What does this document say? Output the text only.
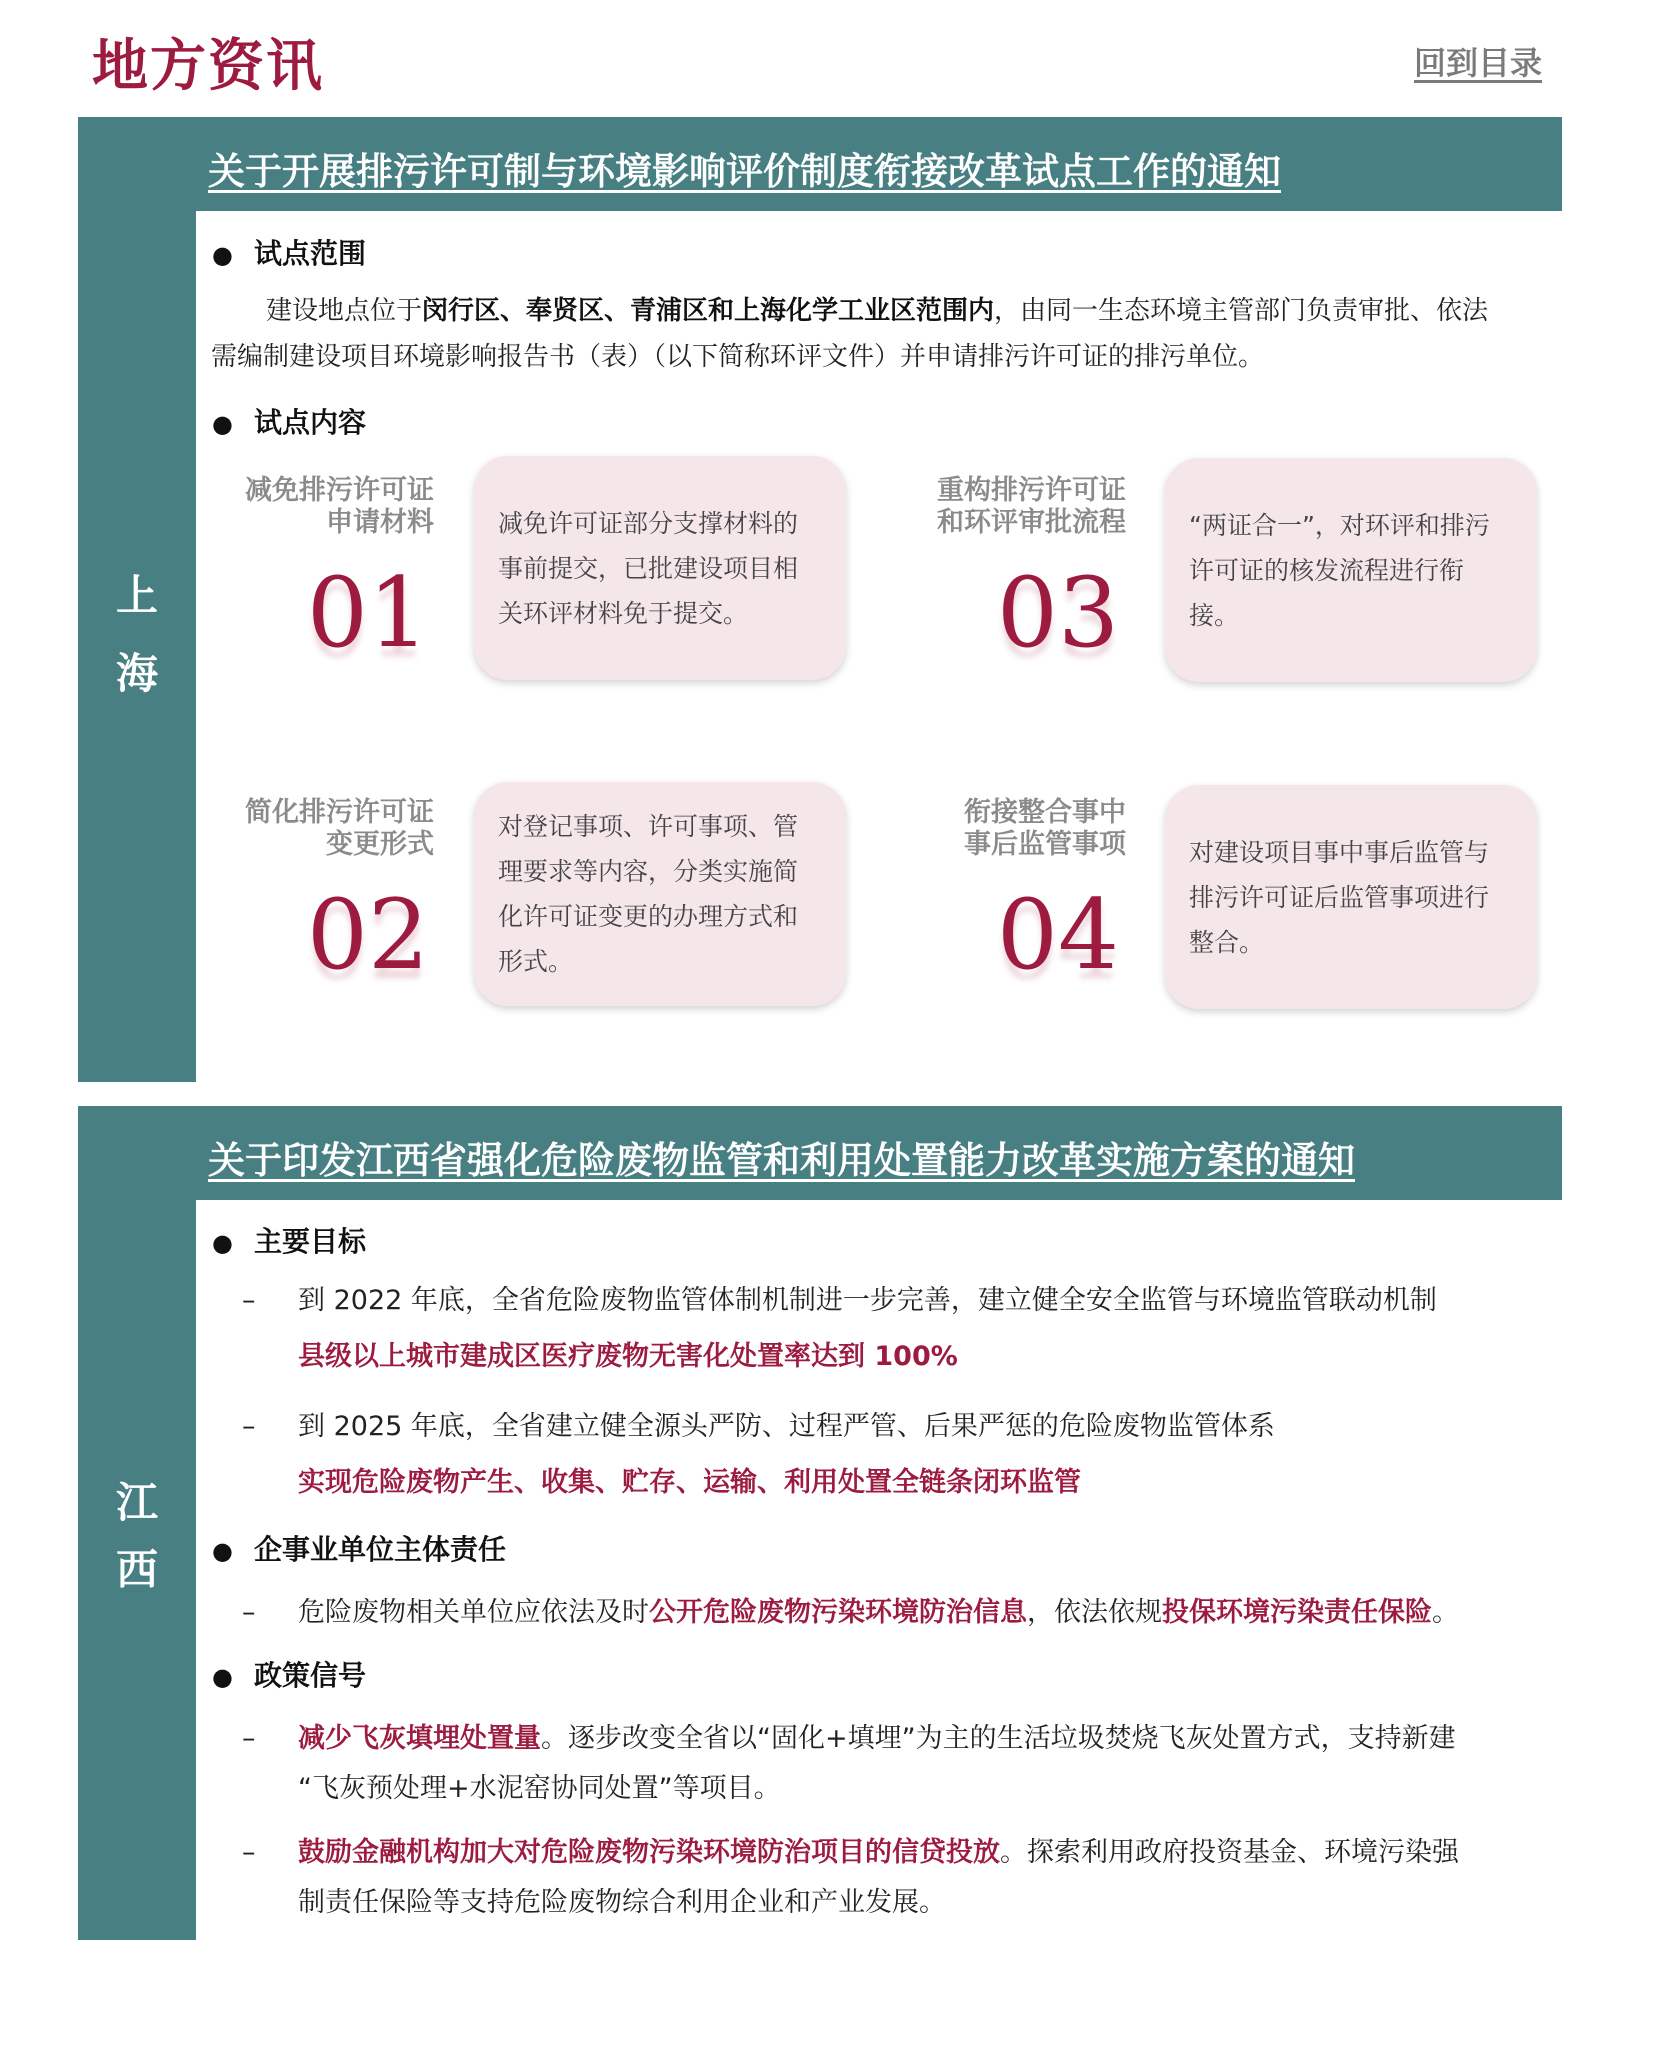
地方资讯	回到目录
上
海
关于开展排污许可制与环境影响评价制度衔接改革试点工作的通知
● 试点范围
建设地点位于闵行区、奉贤区、青浦区和上海化学工业区范围内，由同一生态环境主管部门负责审批、依法
需编制建设项目环境影响报告书（表）（以下简称环评文件）并申请排污许可证的排污单位。
● 试点内容
减免排污许可证
申请材料
01
减免许可证部分支撑材料的事前提交，已批建设项目相关环评材料免于提交。
重构排污许可证
和环评审批流程
03
“两证合一”，对环评和排污许可证的核发流程进行衔接。
简化排污许可证
变更形式
02
对登记事项、许可事项、管理要求等内容，分类实施简化许可证变更的办理方式和形式。
衔接整合事中
事后监管事项
04
对建设项目事中事后监管与排污许可证后监管事项进行整合。
江
西
关于印发江西省强化危险废物监管和利用处置能力改革实施方案的通知
● 主要目标
–	到 2022 年底，全省危险废物监管体制机制进一步完善，建立健全安全监管与环境监管联动机制
县级以上城市建成区医疗废物无害化处置率达到 100%
–	到 2025 年底，全省建立健全源头严防、过程严管、后果严惩的危险废物监管体系
实现危险废物产生、收集、贮存、运输、利用处置全链条闭环监管
● 企事业单位主体责任
–	危险废物相关单位应依法及时公开危险废物污染环境防治信息，依法依规投保环境污染责任保险。
● 政策信号
–	减少飞灰填埋处置量。逐步改变全省以“固化+填埋”为主的生活垃圾焚烧飞灰处置方式，支持新建
“飞灰预处理+水泥窑协同处置”等项目。
–	鼓励金融机构加大对危险废物污染环境防治项目的信贷投放。探索利用政府投资基金、环境污染强
制责任保险等支持危险废物综合利用企业和产业发展。
